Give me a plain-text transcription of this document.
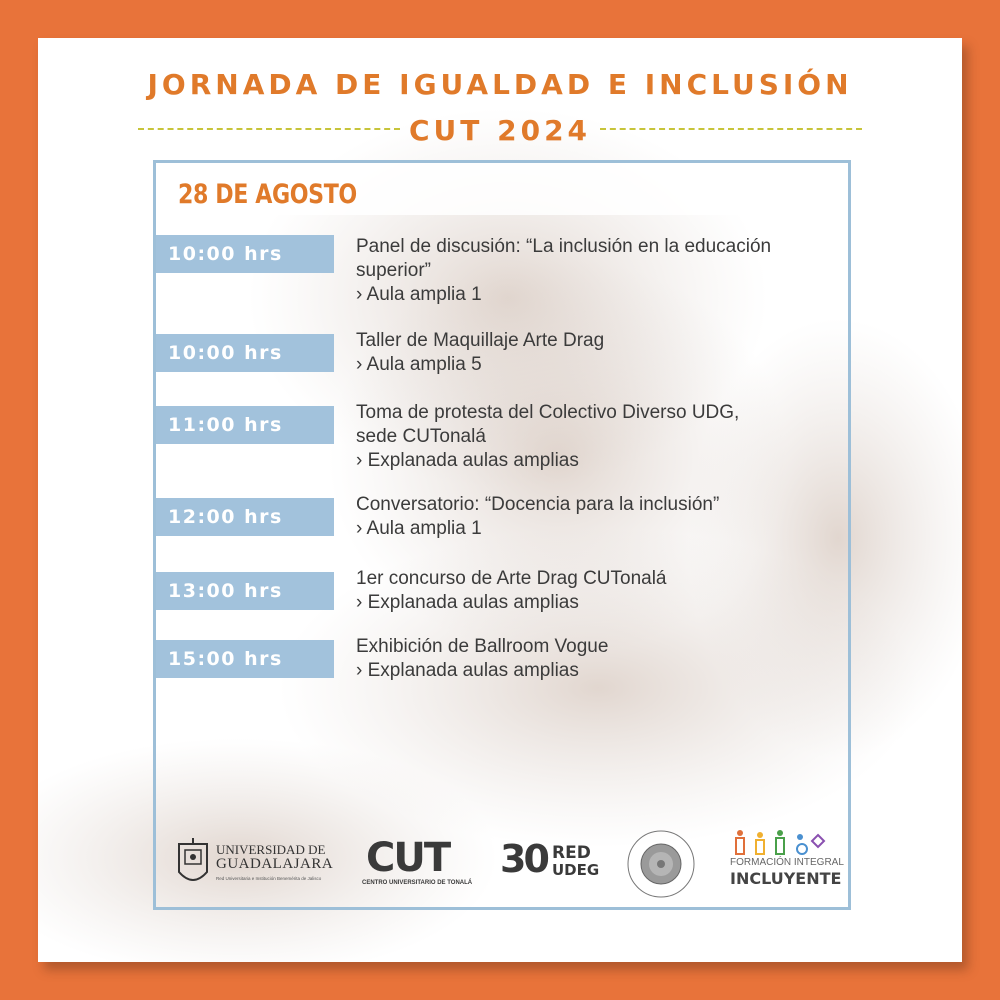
JORNADA DE IGUALDAD E INCLUSIÓN
CUT 2024
28 DE AGOSTO
10:00 hrs	Panel de discusión: “La inclusión en la educación
superior”
› Aula amplia 1
10:00 hrs
Taller de Maquillaje Arte Drag
› Aula amplia 5
11:00 hrs
Toma de protesta del Colectivo Diverso UDG,
sede CUTonalá
› Explanada aulas amplias
12:00 hrs
Conversatorio: “Docencia para la inclusión”
› Aula amplia 1
13:00 hrs
1er concurso de Arte Drag CUTonalá
› Explanada aulas amplias
15:00 hrs
Exhibición de Ballroom Vogue
› Explanada aulas amplias
UNIVERSIDAD DE
GUADALAJARA
Red Universitaria e Institución Benemérita de Jalisco CUT
CENTRO UNIVERSITARIO DE TONALÁ
30 RED
UDEG	FORMACIÓN INTEGRAL
INCLUYENTE
